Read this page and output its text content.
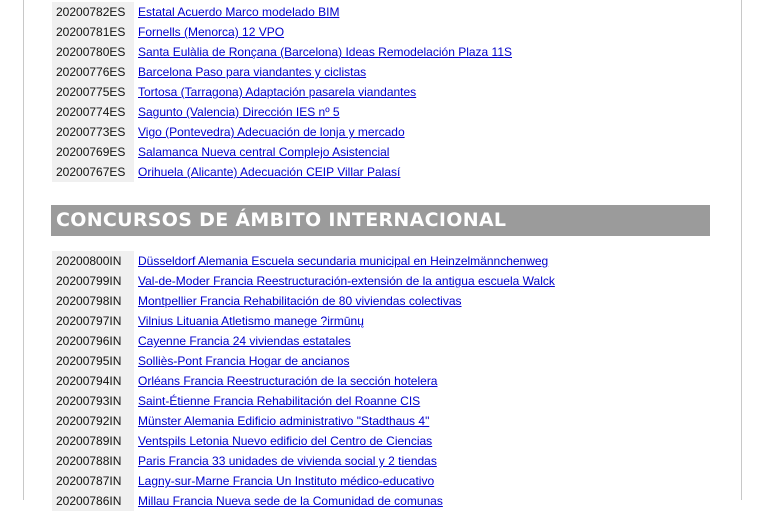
20200782ES	Estatal Acuerdo Marco modelado BIM
20200781ES	Fornells (Menorca) 12 VPO
20200780ES	Santa Eulàlia de Ronçana (Barcelona) Ideas Remodelación Plaza 11S
20200776ES	Barcelona Paso para viandantes y ciclistas
20200775ES	Tortosa (Tarragona) Adaptación pasarela viandantes
20200774ES	Sagunto (Valencia) Dirección IES nº 5
20200773ES	Vigo (Pontevedra) Adecuación de lonja y mercado
20200769ES	Salamanca Nueva central Complejo Asistencial
20200767ES	Orihuela (Alicante) Adecuación CEIP Villar Palasí
CONCURSOS DE ÁMBITO INTERNACIONAL
20200800IN	Düsseldorf Alemania Escuela secundaria municipal en Heinzelmännchenweg
20200799IN	Val-de-Moder Francia Reestructuración-extensión de la antigua escuela Walck
20200798IN	Montpellier Francia Rehabilitación de 80 viviendas colectivas
20200797IN	Vilnius Lituania Atletismo manege ?irmūnų
20200796IN	Cayenne Francia 24 viviendas estatales
20200795IN	Solliès-Pont Francia Hogar de ancianos
20200794IN	Orléans Francia Reestructuración de la sección hotelera
20200793IN	Saint-Étienne Francia Rehabilitación del Roanne CIS
20200792IN	Münster Alemania Edificio administrativo "Stadthaus 4"
20200789IN	Ventspils Letonia Nuevo edificio del Centro de Ciencias
20200788IN	Paris Francia 33 unidades de vivienda social y 2 tiendas
20200787IN	Lagny-sur-Marne Francia Un Instituto médico-educativo
20200786IN	Millau Francia Nueva sede de la Comunidad de comunas
